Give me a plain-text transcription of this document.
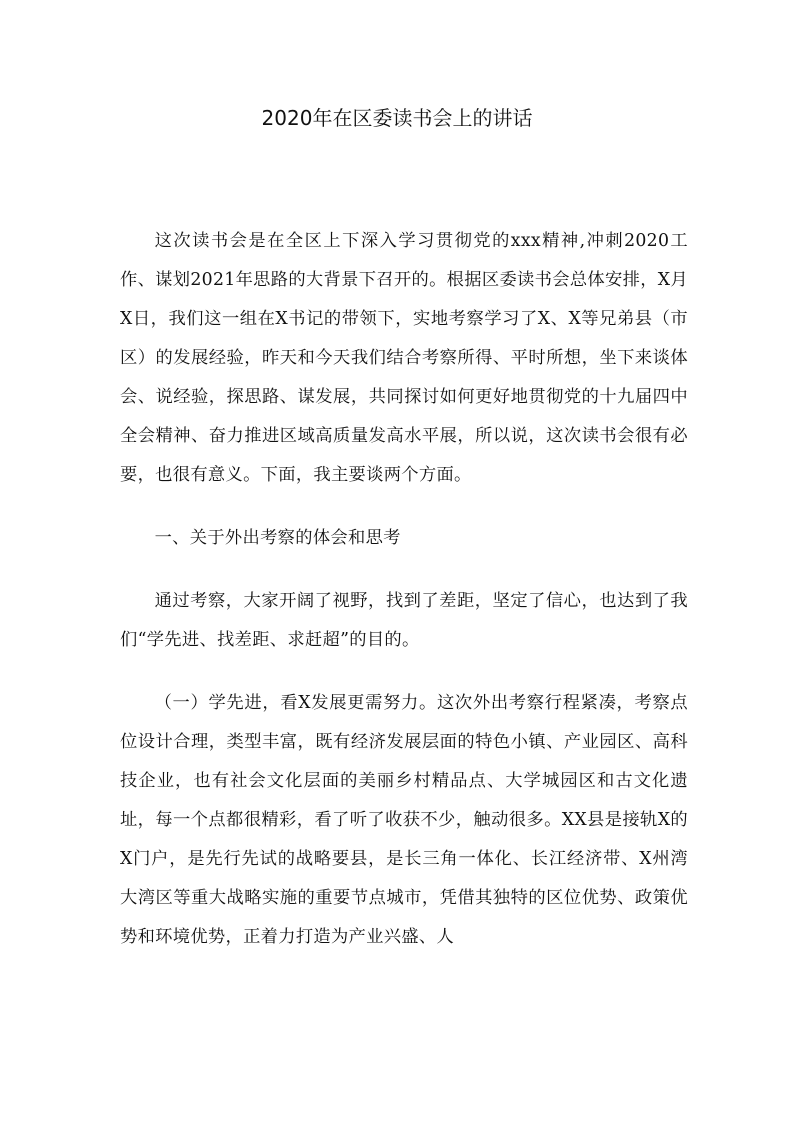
2020年在区委读书会上的讲话

这次读书会是在全区上下深入学习贯彻党的xxx精神,冲刺2020工作、谋划2021年思路的大背景下召开的。根据区委读书会总体安排，X月X日，我们这一组在X书记的带领下，实地考察学习了X、X等兄弟县（市区）的发展经验，昨天和今天我们结合考察所得、平时所想，坐下来谈体会、说经验，探思路、谋发展，共同探讨如何更好地贯彻党的十九届四中全会精神、奋力推进区域高质量发高水平展，所以说，这次读书会很有必要，也很有意义。下面，我主要谈两个方面。

一、关于外出考察的体会和思考

通过考察，大家开阔了视野，找到了差距，坚定了信心，也达到了我们“学先进、找差距、求赶超”的目的。

（一）学先进，看X发展更需努力。这次外出考察行程紧凑，考察点位设计合理，类型丰富，既有经济发展层面的特色小镇、产业园区、高科技企业，也有社会文化层面的美丽乡村精品点、大学城园区和古文化遗址，每一个点都很精彩，看了听了收获不少，触动很多。XX县是接轨X的X门户，是先行先试的战略要县，是长三角一体化、长江经济带、X州湾大湾区等重大战略实施的重要节点城市，凭借其独特的区位优势、政策优势和环境优势，正着力打造为产业兴盛、人
